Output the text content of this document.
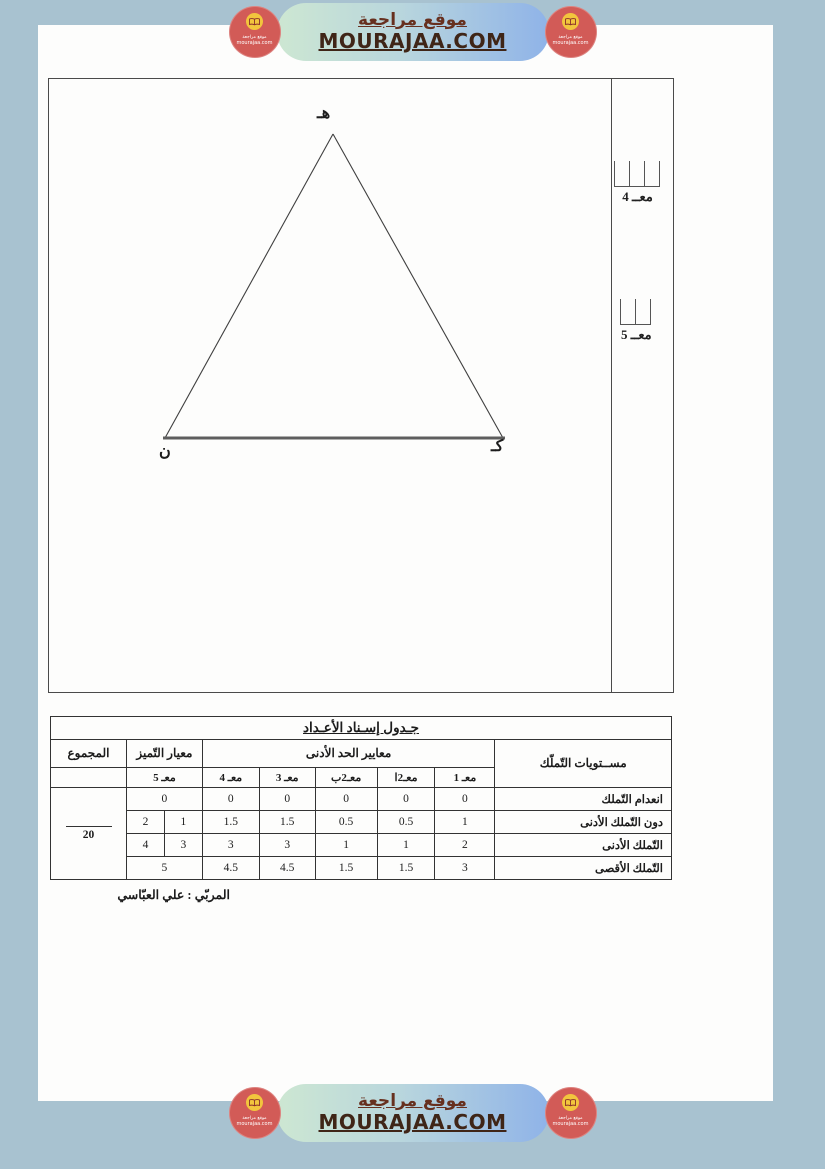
موقع مراجعة
mourajaa.com
موقع مراجعة
MOURAJAA.COM	موقع مراجعة
mourajaa.com
هـ
ن	كـ
معــ 4
معــ 5
جـدول إسـناد الأعـداد								
مســتويات التّملّك	معايير الحد الأدنى					معيار التّميز		المجموع
	معـ 1	معـ2ا	معـ2ب	معـ 3	معـ 4	معـ 5		
انعدام التّملك	0	0	0	0	0	0		20

دون التّملك الأدنى	1	0.5	0.5	1.5	1.5	1	2	
التّملك الأدنى	2	1	1	3	3	3	4	
التّملك الأقصى	3	1.5	1.5	4.5	4.5	5		
المربّي : علي العبّاسي
موقع مراجعة
mourajaa.com
موقع مراجعة
MOURAJAA.COM	موقع مراجعة
mourajaa.com
